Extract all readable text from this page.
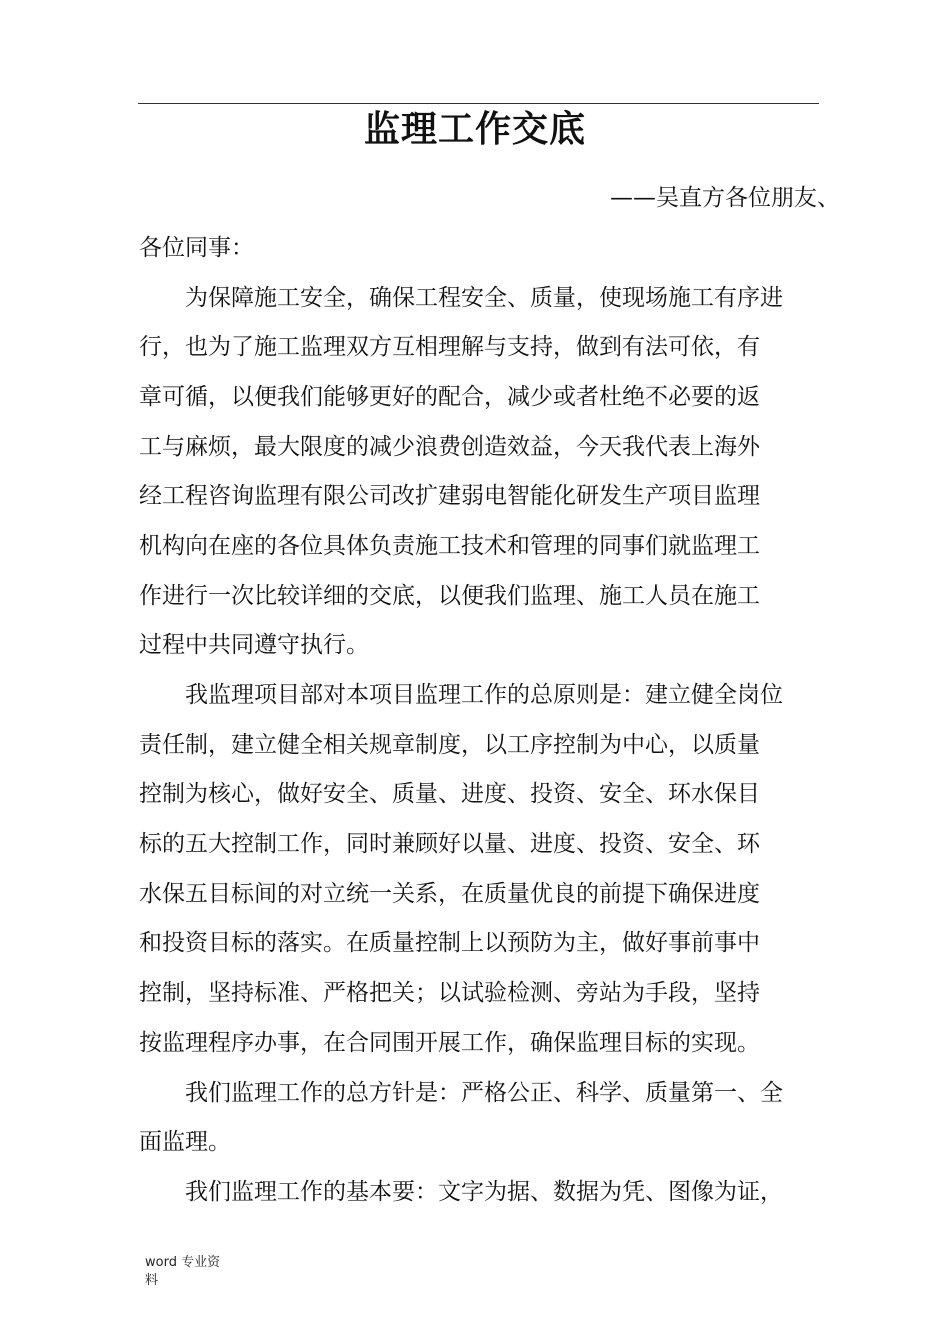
监理工作交底
——吴直方各位朋友、
各位同事：
为保障施工安全，确保工程安全、质量，使现场施工有序进
行，也为了施工监理双方互相理解与支持，做到有法可依，有
章可循，以便我们能够更好的配合，减少或者杜绝不必要的返
工与麻烦，最大限度的减少浪费创造效益，今天我代表上海外
经工程咨询监理有限公司改扩建弱电智能化研发生产项目监理
机构向在座的各位具体负责施工技术和管理的同事们就监理工
作进行一次比较详细的交底，以便我们监理、施工人员在施工
过程中共同遵守执行。
我监理项目部对本项目监理工作的总原则是：建立健全岗位
责任制，建立健全相关规章制度，以工序控制为中心，以质量
控制为核心，做好安全、质量、进度、投资、安全、环水保目
标的五大控制工作，同时兼顾好以量、进度、投资、安全、环
水保五目标间的对立统一关系，在质量优良的前提下确保进度
和投资目标的落实。在质量控制上以预防为主，做好事前事中
控制，坚持标准、严格把关；以试验检测、旁站为手段，坚持
按监理程序办事，在合同围开展工作，确保监理目标的实现。
我们监理工作的总方针是：严格公正、科学、质量第一、全
面监理。
我们监理工作的基本要：文字为据、数据为凭、图像为证，
word 专业资
料
